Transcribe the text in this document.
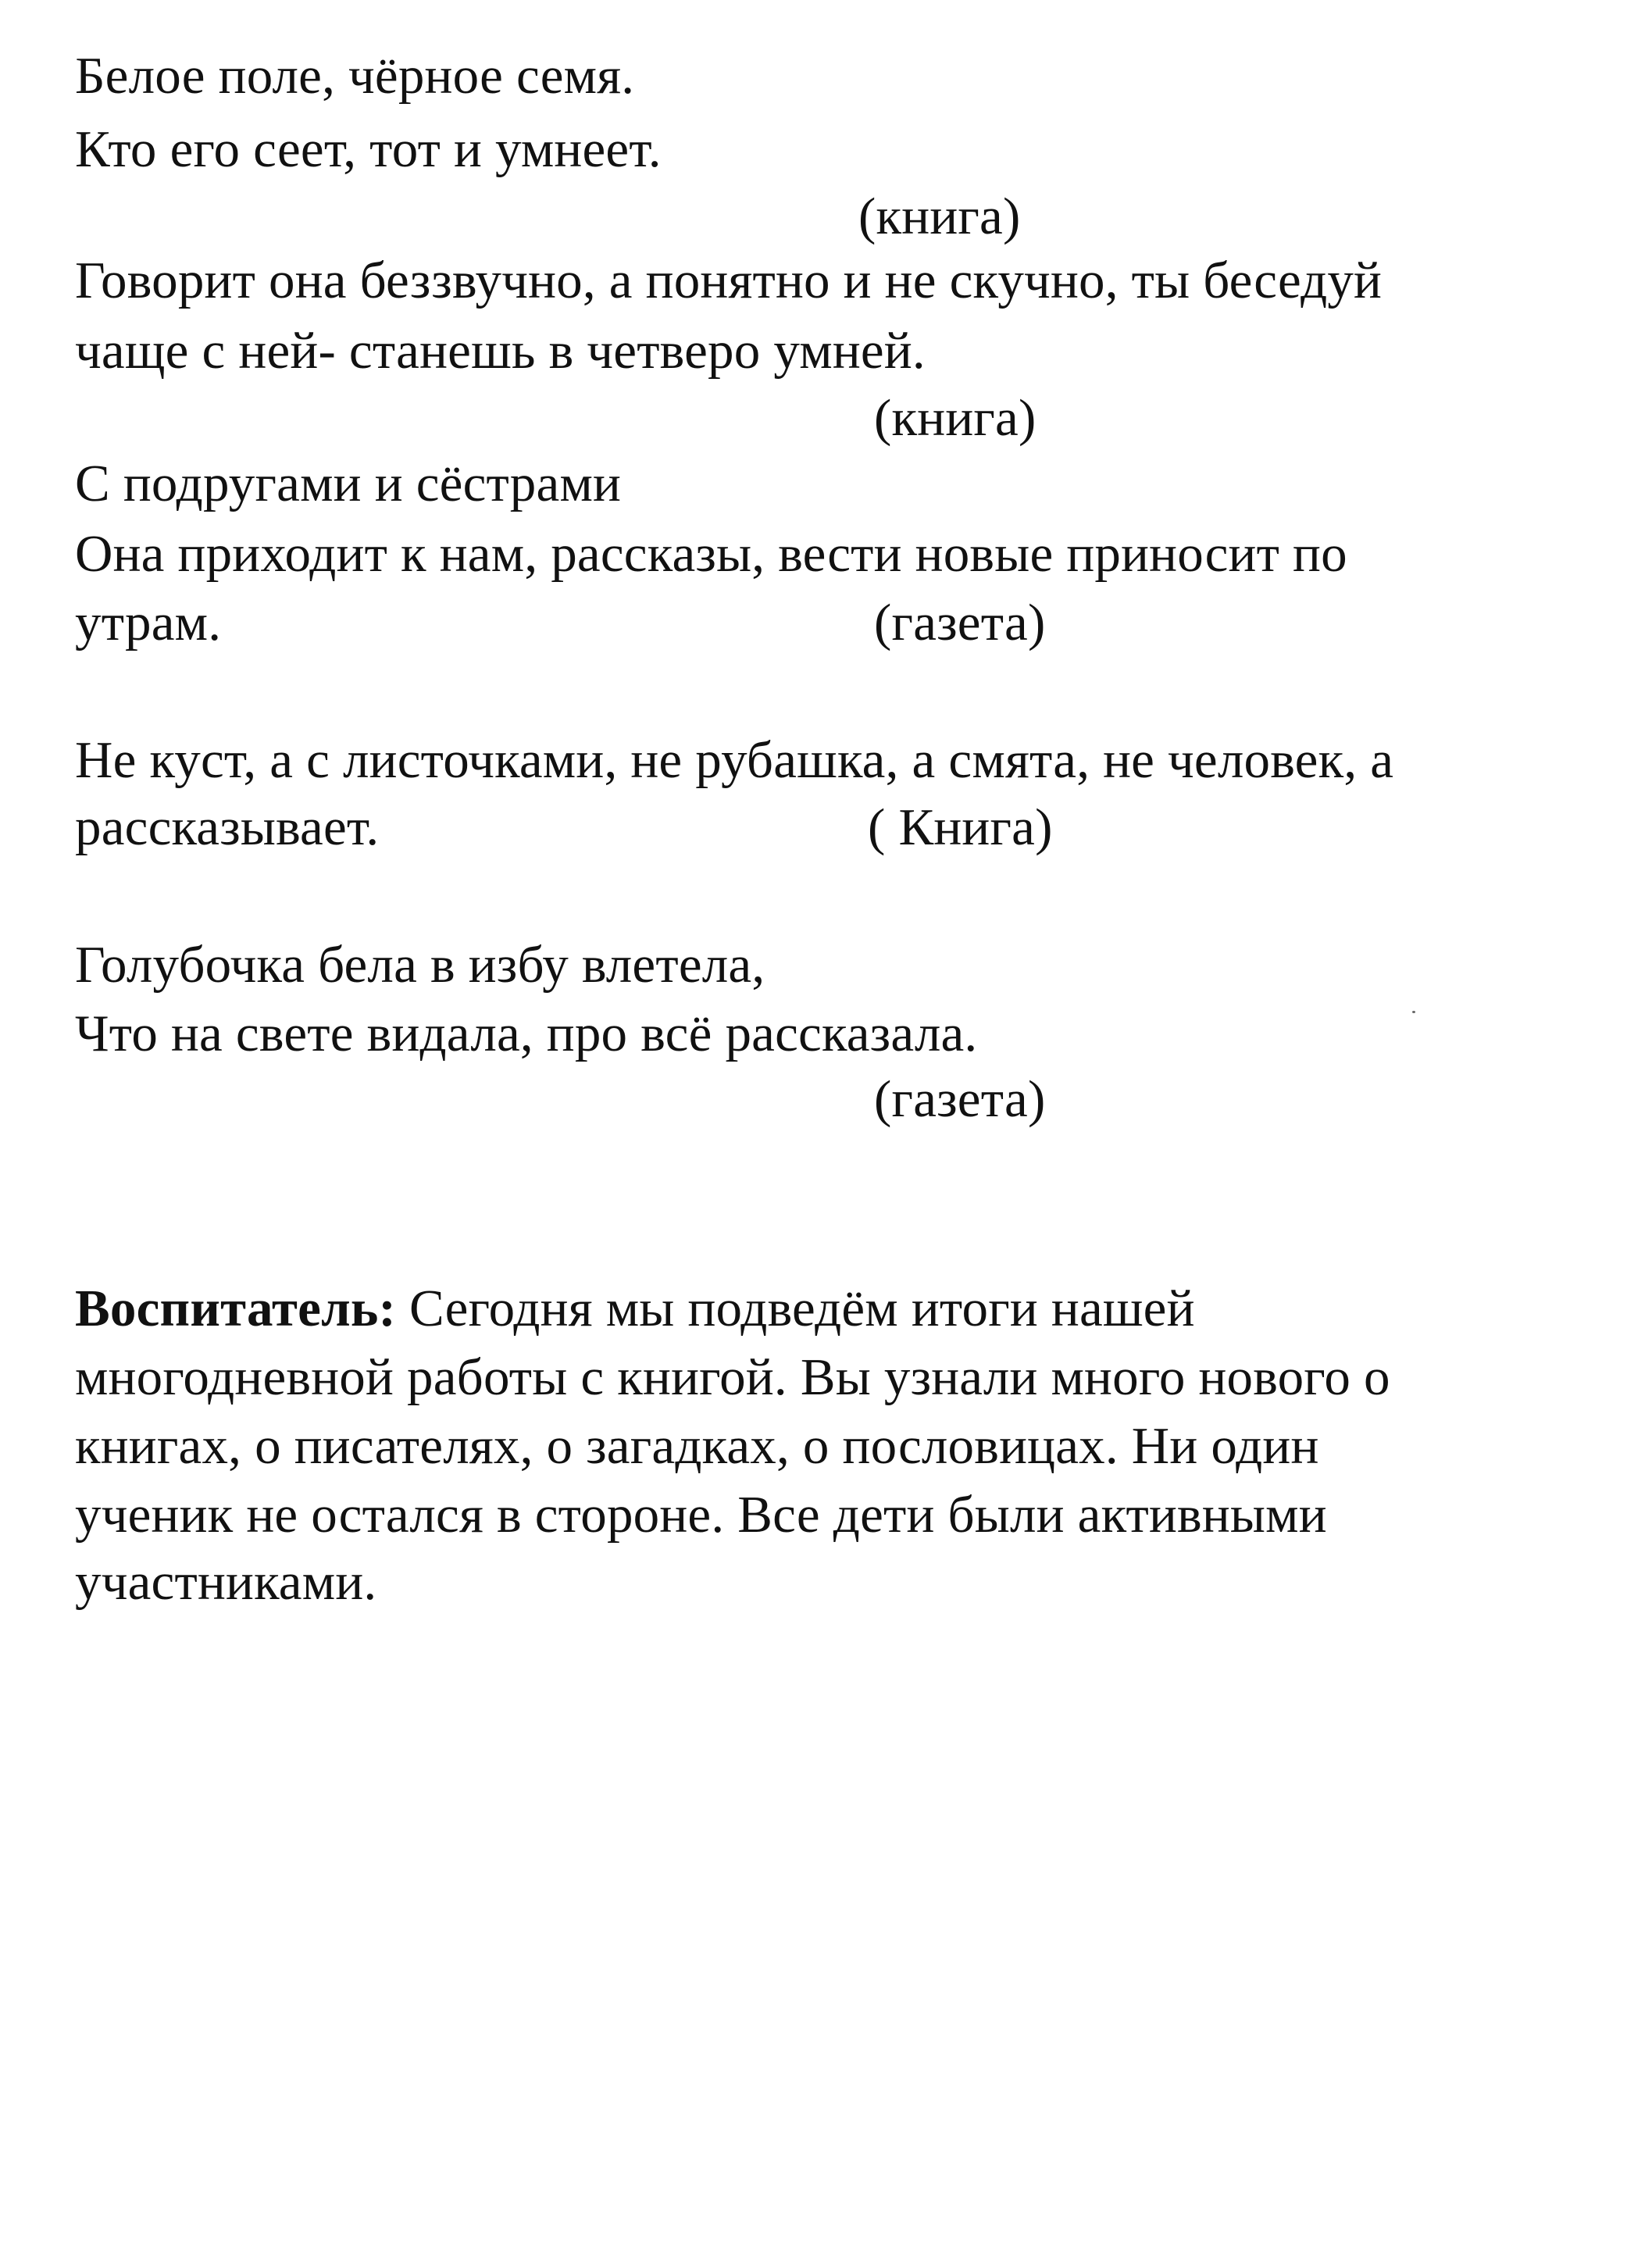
Белое поле, чёрное семя.
Кто его сеет, тот и умнеет.
(книга)
Говорит она беззвучно, а понятно и не скучно, ты беседуй
чаще с ней- станешь в четверо умней.
(книга)
С подругами и сёстрами
Она приходит к нам, рассказы, вести новые приносит по
утрам.	(газета)
Не куст, а с листочками, не рубашка, а смята, не человек, а
рассказывает.	( Книга)
Голубочка бела в избу влетела,
Что на свете видала, про всё рассказала.
(газета)
Воспитатель: Сегодня мы подведём итоги нашей
многодневной работы с книгой. Вы узнали много нового о
книгах, о писателях, о загадках, о пословицах. Ни один
ученик не остался в стороне. Все дети были активными
участниками.
